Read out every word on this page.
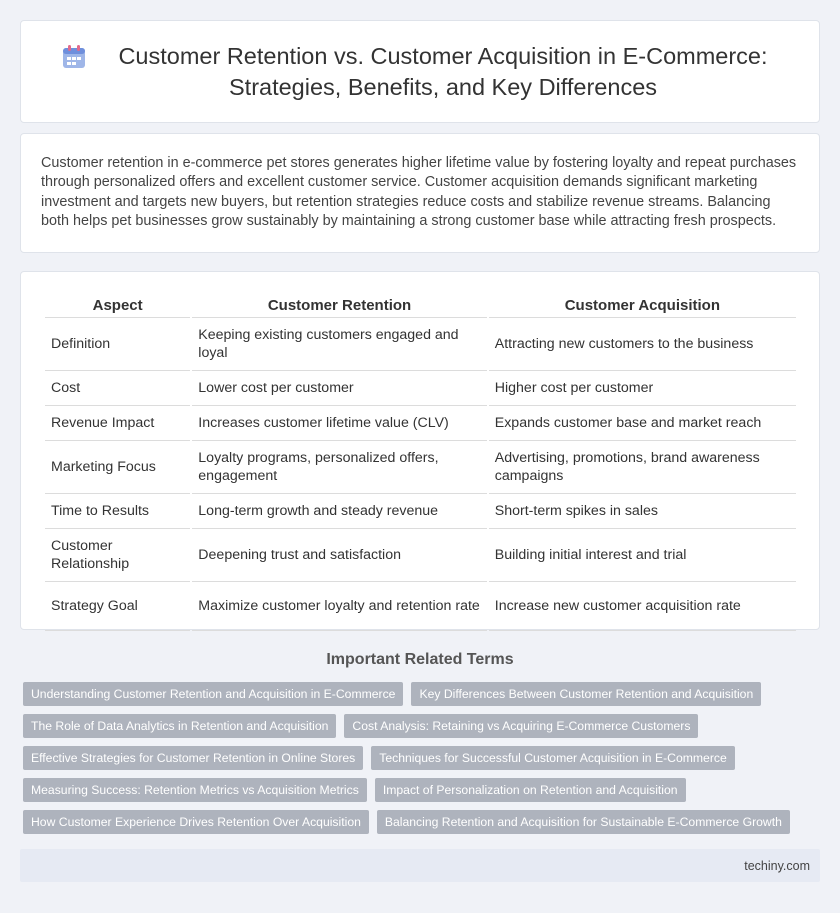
Customer Retention vs. Customer Acquisition in E-Commerce: Strategies, Benefits, and Key Differences

Customer retention in e-commerce pet stores generates higher lifetime value by fostering loyalty and repeat purchases through personalized offers and excellent customer service. Customer acquisition demands significant marketing investment and targets new buyers, but retention strategies reduce costs and stabilize revenue streams. Balancing both helps pet businesses grow sustainably by maintaining a strong customer base while attracting fresh prospects.

Aspect	Customer Retention	Customer Acquisition
Definition	Keeping existing customers engaged and loyal	Attracting new customers to the business
Cost	Lower cost per customer	Higher cost per customer
Revenue Impact	Increases customer lifetime value (CLV)	Expands customer base and market reach
Marketing Focus	Loyalty programs, personalized offers, engagement	Advertising, promotions, brand awareness campaigns
Time to Results	Long-term growth and steady revenue	Short-term spikes in sales
Customer Relationship	Deepening trust and satisfaction	Building initial interest and trial
Strategy Goal	Maximize customer loyalty and retention rate	Increase new customer acquisition rate
Important Related Terms
Understanding Customer Retention and Acquisition in E-Commerce	Key Differences Between Customer Retention and Acquisition
The Role of Data Analytics in Retention and Acquisition	Cost Analysis: Retaining vs Acquiring E-Commerce Customers
Effective Strategies for Customer Retention in Online Stores	Techniques for Successful Customer Acquisition in E-Commerce
Measuring Success: Retention Metrics vs Acquisition Metrics	Impact of Personalization on Retention and Acquisition
How Customer Experience Drives Retention Over Acquisition	Balancing Retention and Acquisition for Sustainable E-Commerce Growth
techiny.com
